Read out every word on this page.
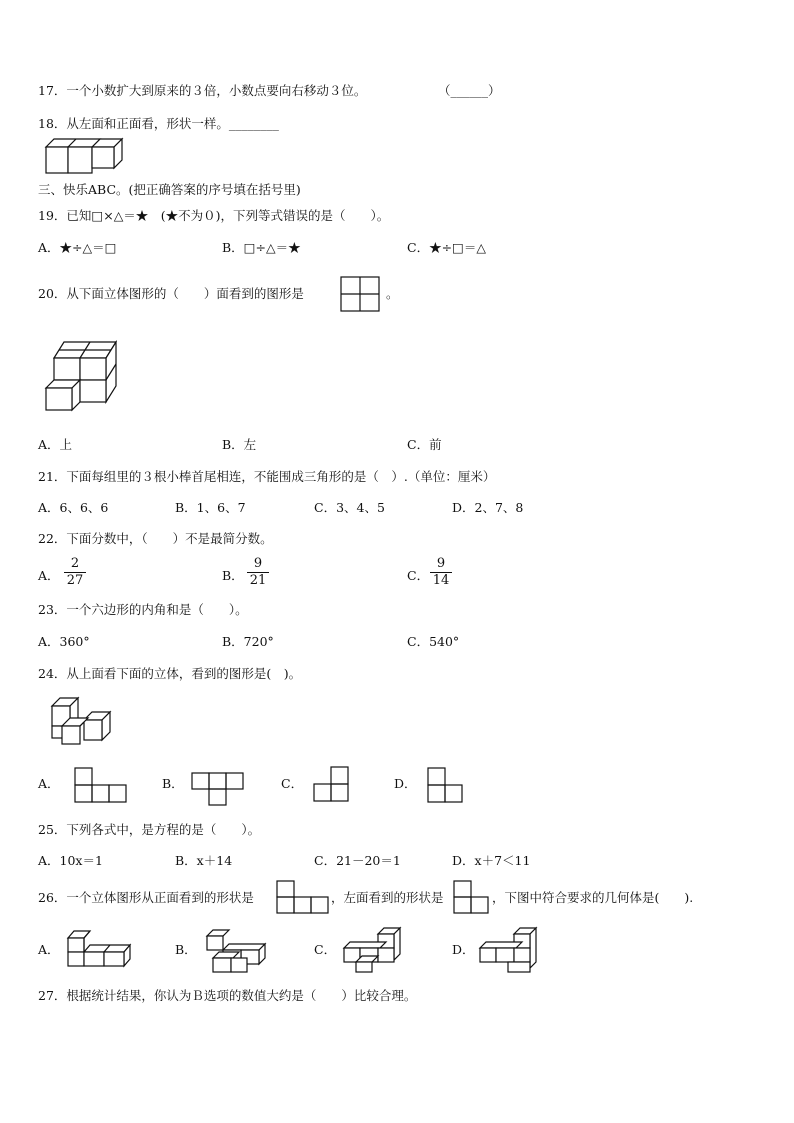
17．一个小数扩大到原来的３倍，小数点要向右移动３位。	（______）
18．从左面和正面看，形状一样。________
三、快乐ABC。(把正确答案的序号填在括号里)
19．已知□×△＝★　(★不为０)，下列等式错误的是（　　）。
A．★÷△＝□	B．□÷△＝★	C．★÷□＝△
20．从下面立体图形的（　　）面看到的图形是	。
A．上	B．左	C．前
21．下面每组里的３根小棒首尾相连，不能围成三角形的是（　）.（单位：厘米）
A．6、6、6	B．1、6、7	C．3、4、5	D．2、7、8
22．下面分数中，（　　）不是最简分数。
A． $\frac{2}{27}$	B． $\frac{9}{21}$	C． $\frac{9}{14}$
23．一个六边形的内角和是（　　）。
A．360°	B．720°	C．540°
24．从上面看下面的立体，看到的图形是(　)。
A．	B．	C．	D．
25．下列各式中，是方程的是（　　）。
A．10x＝1	B．x＋14	C．21－20＝1	D．x＋7＜11
26．一个立体图形从正面看到的形状是	，左面看到的形状是	，下图中符合要求的几何体是(　　).
A．	B．	C．	D．
27．根据统计结果，你认为Ｂ选项的数值大约是（　　）比较合理。
